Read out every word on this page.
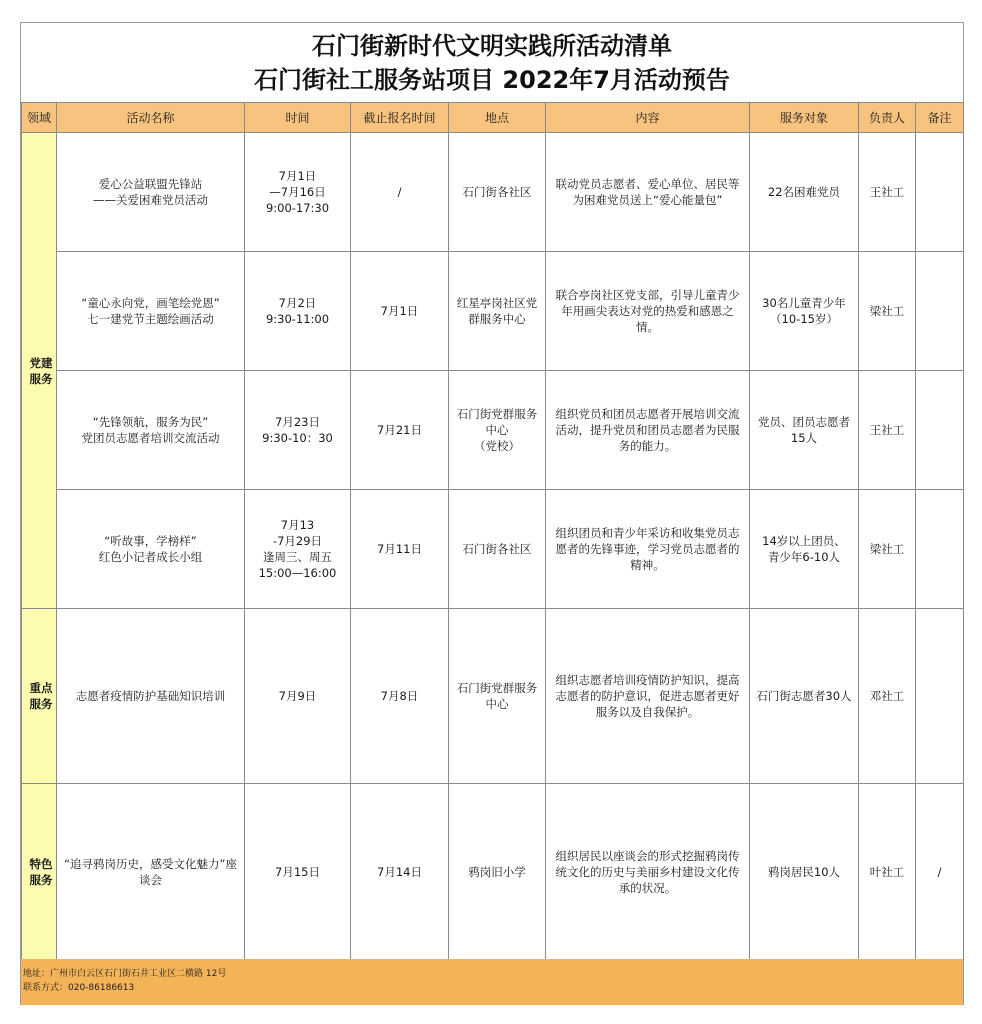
石门街新时代文明实践所活动清单
石门街社工服务站项目 2022年7月活动预告
领域	活动名称	时间	截止报名时间	地点	内容	服务对象	负责人	备注

党建服务	爱心公益联盟先锋站
——关爱困难党员活动	7月1日
—7月16日
9:00-17:30	/	石门街各社区	联动党员志愿者、爱心单位、居民等为困难党员送上“爱心能量包”	22名困难党员	王社工	
	“童心永向党，画笔绘党恩”
七一建党节主题绘画活动	7月2日
9:30-11:00	7月1日	红星亭岗社区党群服务中心	联合亭岗社区党支部，引导儿童青少年用画尖表达对党的热爱和感恩之情。	30名儿童青少年
（10-15岁）	梁社工	
	“先锋领航，服务为民”
党团员志愿者培训交流活动	7月23日
9:30-10：30	7月21日	石门街党群服务中心
（党校）	组织党员和团员志愿者开展培训交流活动，提升党员和团员志愿者为民服务的能力。	党员、团员志愿者15人	王社工	
	“听故事，学榜样”
红色小记者成长小组	7月13
-7月29日
逢周三、周五
15:00—16:00	7月11日	石门街各社区	组织团员和青少年采访和收集党员志愿者的先锋事迹，学习党员志愿者的精神。	14岁以上团员、
青少年6-10人	梁社工	

重点服务	志愿者疫情防护基础知识培训	7月9日	7月8日	石门街党群服务中心	组织志愿者培训疫情防护知识，提高志愿者的防护意识，促进志愿者更好服务以及自我保护。	石门街志愿者30人	邓社工	

特色服务	“追寻鸦岗历史，感受文化魅力”座谈会	7月15日	7月14日	鸦岗旧小学	组织居民以座谈会的形式挖掘鸦岗传统文化的历史与美丽乡村建设文化传承的状况。	鸦岗居民10人	叶社工	/
地址：广州市白云区石门街石井工业区二横路 12号
联系方式：020-86186613
